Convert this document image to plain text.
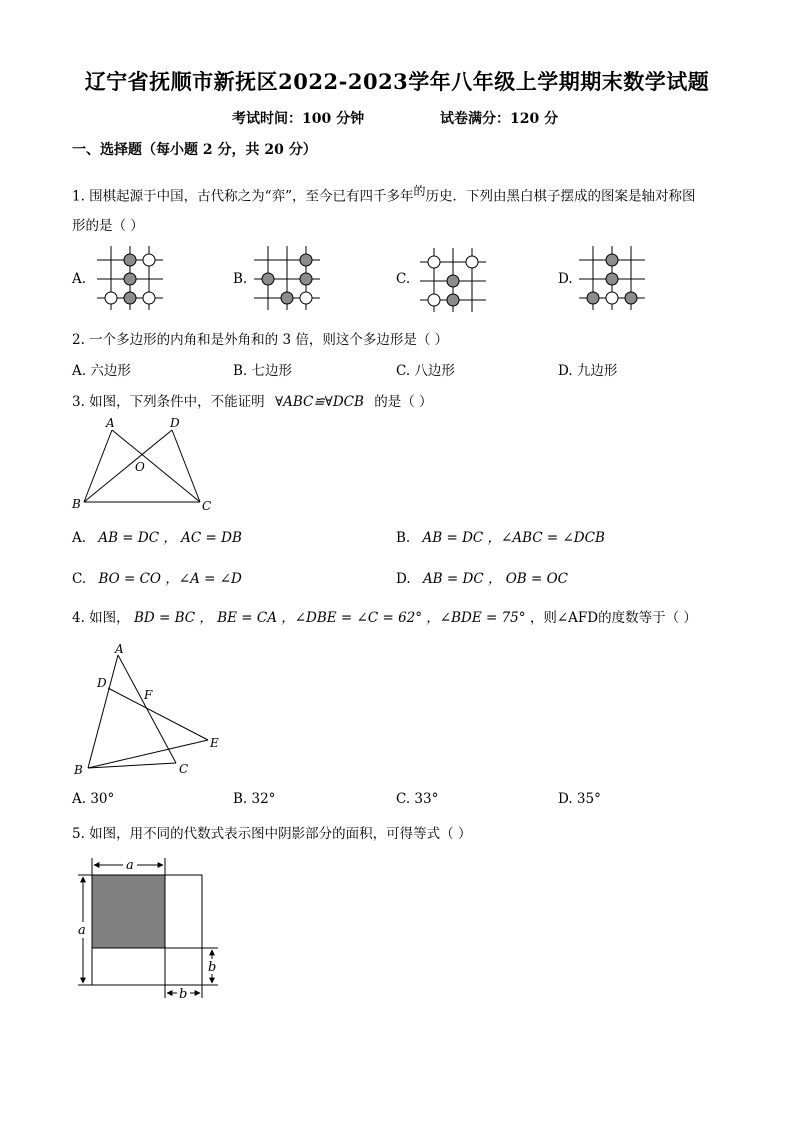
辽宁省抚顺市新抚区2022-2023学年八年级上学期期末数学试题
考试时间：100 分钟	试卷满分：120 分
一、选择题（每小题 2 分，共 20 分）
1. 围棋起源于中国，古代称之为“弈”，至今已有四千多年$^的$历史．下列由黑白棋子摆成的图案是轴对称图
形的是（ ）
A.	B.	C.	D.
2. 一个多边形的内角和是外角和的 3 倍，则这个多边形是（ ）
A. 六边形	B. 七边形	C. 八边形	D. 九边形
3. 如图，下列条件中，不能证明 ∀ABC≌∀DCB 的是（ ）
A	D
O
B	C
A. AB = DC ， AC = DB	B. AB = DC ，∠ABC = ∠DCB
C. BO = CO ，∠A = ∠D	D. AB = DC ， OB = OC
4. 如图， BD = BC ， BE = CA ，∠DBE = ∠C = 62° ，∠BDE = 75° ，则∠AFD的度数等于（ ）
A
D
F
E
B	C
A. 30°	B. 32°	C. 33°	D. 35°
5. 如图，用不同的代数式表示图中阴影部分的面积，可得等式（ ）
a
a
b
b
